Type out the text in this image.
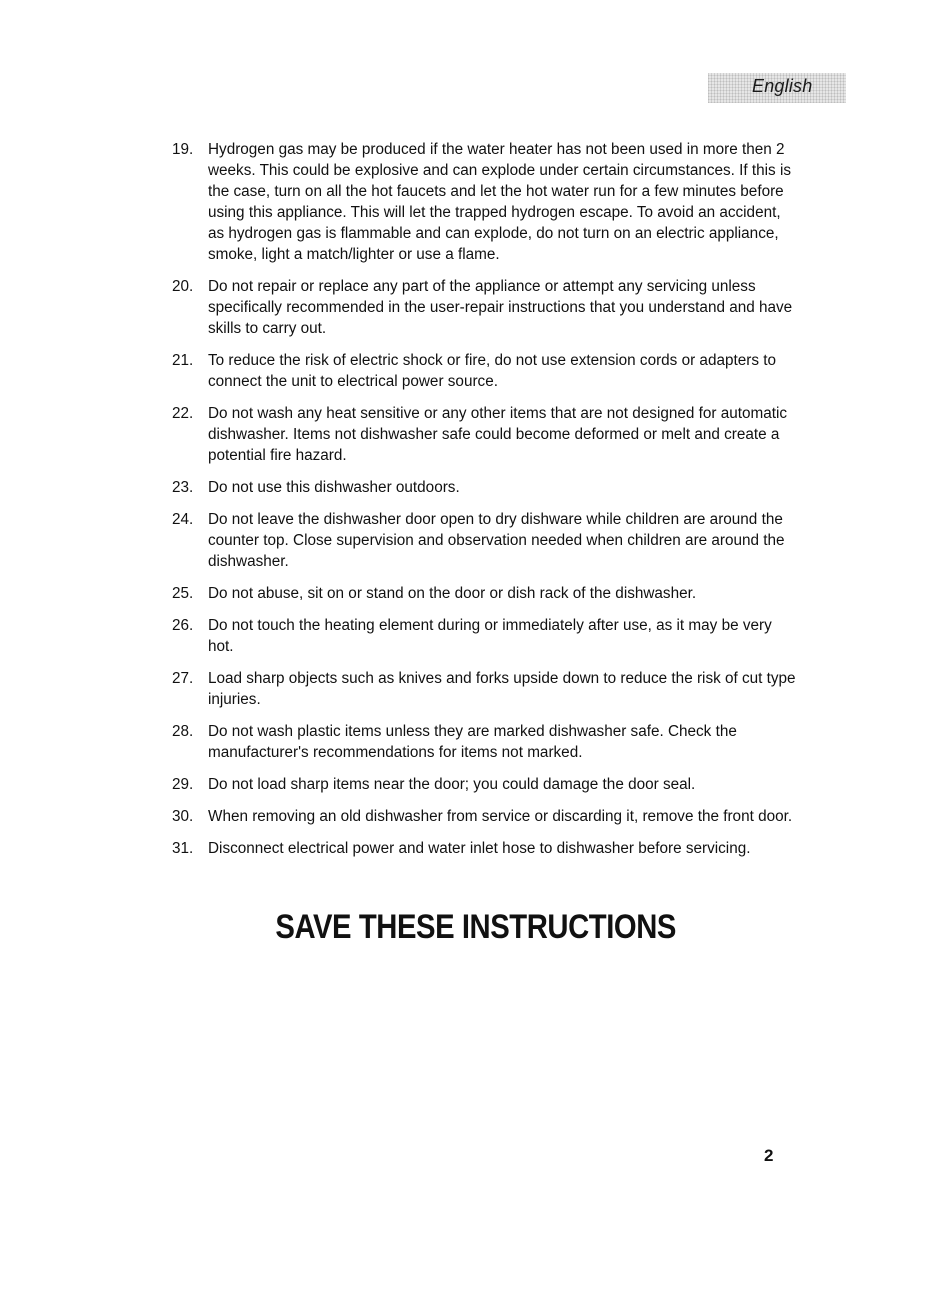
English
19. Hydrogen gas may be produced if the water heater has not been used in more then 2 weeks. This could be explosive and can explode under certain circumstances. If this is the case, turn on all the hot faucets and let the hot water run for a few minutes before using this appliance. This will let the trapped hydrogen escape. To avoid an accident, as hydrogen gas is flammable and can explode, do not turn on an electric appliance, smoke, light a match/lighter or use a flame.
20. Do not repair or replace any part of the appliance or attempt any servicing unless specifically recommended in the user-repair instructions that you understand and have skills to carry out.
21. To reduce the risk of electric shock or fire, do not use extension cords or adapters to connect the unit to electrical power source.
22. Do not wash any heat sensitive or any other items that are not designed for automatic dishwasher. Items not dishwasher safe could become deformed or melt and create a potential fire hazard.
23. Do not use this dishwasher outdoors.
24. Do not leave the dishwasher door open to dry dishware while children are around the counter top. Close supervision and observation needed when children are around the dishwasher.
25. Do not abuse, sit on or stand on the door or dish rack of the dishwasher.
26. Do not touch the heating element during or immediately after use, as it may be very hot.
27. Load sharp objects such as knives and forks upside down to reduce the risk of cut type injuries.
28. Do not wash plastic items unless they are marked dishwasher safe. Check the manufacturer's recommendations for items not marked.
29. Do not load sharp items near the door; you could damage the door seal.
30. When removing an old dishwasher from service or discarding it, remove the front door.
31. Disconnect electrical power and water inlet hose to dishwasher before servicing.
SAVE THESE INSTRUCTIONS
2
